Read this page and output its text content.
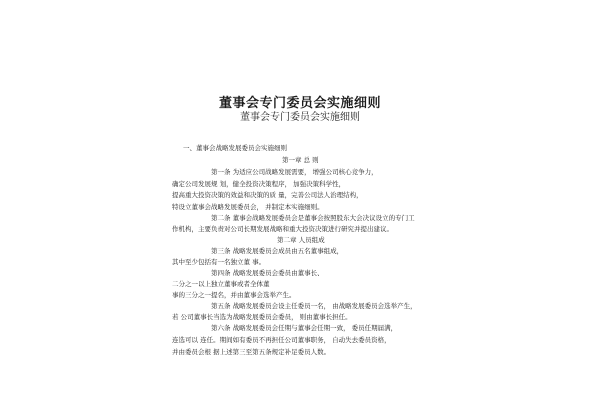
董事会专门委员会实施细则
董事会专门委员会实施细则
一、董事会战略发展委员会实施细则
第一章 总 则
第一条 为适应公司战略发展需要， 增强公司核心竞争力，
确定公司发展规 划，健全投资决策程序， 加强决策科学性，
提高重大投资决策的效益和决策的质 量，完善公司法人治理结构，
特设立董事会战略发展委员会， 并制定本实施细则。
第二条 董事会战略发展委员会是董事会按照股东大会决议设立的专门工
作机构，主要负责对公司长期发展战略和重大投资决策进行研究并提出建议。
第二章 人员组成
第三条 战略发展委员会成员由五名董事组成，
其中至少包括有一名独立董 事。
第四条 战略发展委员会委员由董事长、
二分之一以上独立董事或者全体董
事的三分之一提名，并由董事会选举产生。
第五条 战略发展委员会设主任委员一名， 由战略发展委员会选举产生，
若 公司董事长当选为战略发展委员会委员， 则由董事长担任。
第六条 战略发展委员会任期与董事会任期一致， 委员任期届满，
连选可以 连任。期间如有委员不再担任公司董事职务， 自动失去委员资格，
并由委员会根 据上述第三至第五条规定补足委员人数。
